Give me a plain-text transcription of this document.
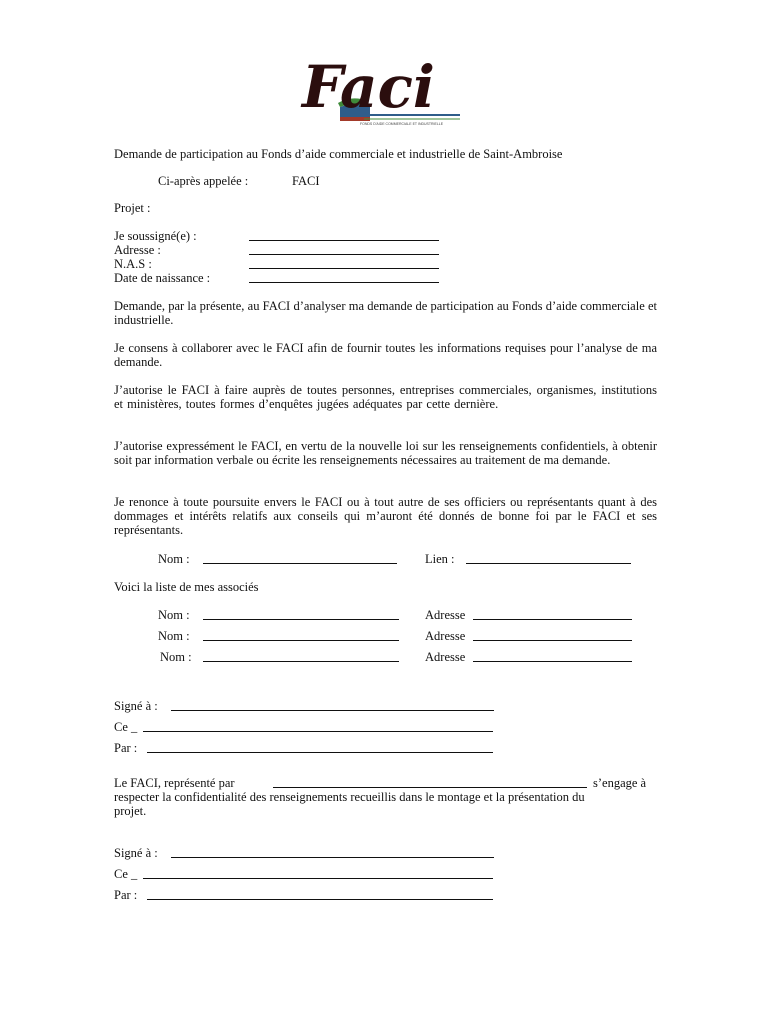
Faci
FONDS D'AIDE COMMERCIALE ET INDUSTRIELLE
Demande de participation au Fonds d’aide commerciale et industrielle de Saint-Ambroise
Ci-après appelée :	FACI
Projet :
Je soussigné(e) :
Adresse :
N.A.S :
Date de naissance :
Demande, par la présente, au FACI d’analyser ma demande de participation au Fonds d’aide commerciale et industrielle.
Je consens à collaborer avec le FACI afin de fournir toutes les informations requises pour l’analyse de ma demande.
J’autorise le FACI à faire auprès de toutes personnes, entreprises commerciales, organismes, institutions et ministères, toutes formes d’enquêtes jugées adéquates par cette dernière.
J’autorise expressément le FACI, en vertu de la nouvelle loi sur les renseignements confidentiels, à obtenir soit par information verbale ou écrite les renseignements nécessaires au traitement de ma demande.
Je renonce à toute poursuite envers le FACI ou à tout autre de ses officiers ou représentants quant à des dommages et intérêts relatifs aux conseils qui m’auront été donnés de bonne foi par le FACI et ses représentants.
Nom :	Lien :
Voici la liste de mes associés
Nom :	Adresse
Nom :	Adresse
Nom :	Adresse
Signé à :
Ce _
Par :
Le FACI, représenté par	s’engage à
respecter la confidentialité des renseignements recueillis dans le montage et la présentation du projet.
Signé à :
Ce _
Par :
